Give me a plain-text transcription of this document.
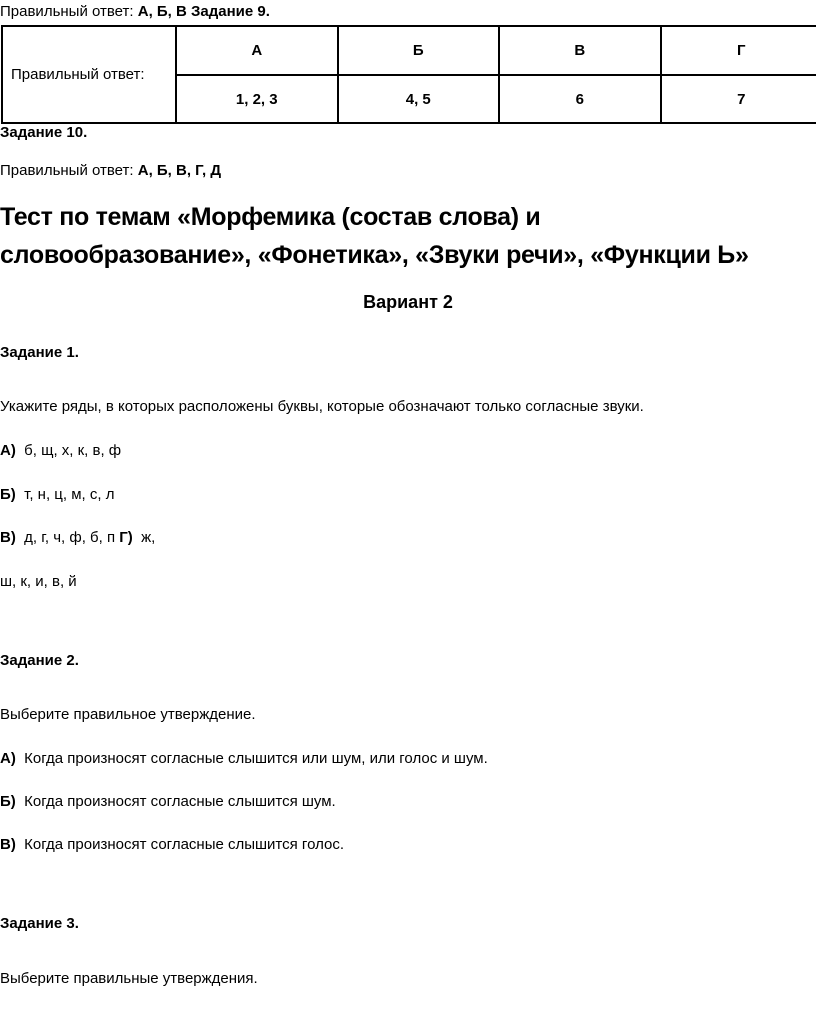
Правильный ответ: А, Б, В Задание 9.
Правильный ответ:	А	Б	В	Г
	1, 2, 3	4, 5	6	7
Задание 10.
Правильный ответ: А, Б, В, Г, Д
Тест по темам «Морфемика (состав слова) и
словообразование», «Фонетика», «Звуки речи», «Функции Ь»
Вариант 2
Задание 1.
Укажите ряды, в которых расположены буквы, которые обозначают только согласные звуки.
А) б, щ, х, к, в, ф
Б) т, н, ц, м, с, л
В) д, г, ч, ф, б, п Г) ж,
ш, к, и, в, й
Задание 2.
Выберите правильное утверждение.
А) Когда произносят согласные слышится или шум, или голос и шум.
Б) Когда произносят согласные слышится шум.
В) Когда произносят согласные слышится голос.
Задание 3.
Выберите правильные утверждения.
